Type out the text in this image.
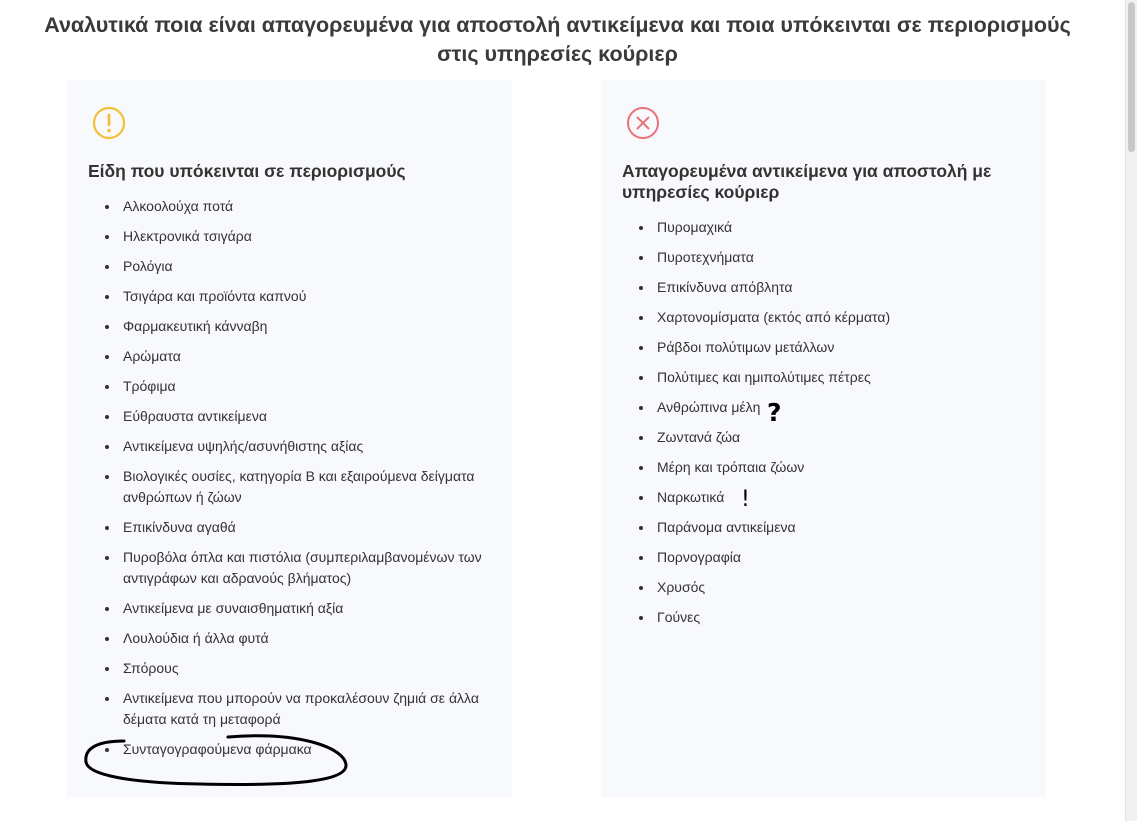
Αναλυτικά ποια είναι απαγορευμένα για αποστολή αντικείμενα και ποια υπόκεινται σε περιορισμούς στις υπηρεσίες κούριερ
Είδη που υπόκεινται σε περιορισμούς
Αλκοολούχα ποτά
Ηλεκτρονικά τσιγάρα
Ρολόγια
Τσιγάρα και προϊόντα καπνού
Φαρμακευτική κάνναβη
Αρώματα
Τρόφιμα
Εύθραυστα αντικείμενα
Αντικείμενα υψηλής/ασυνήθιστης αξίας
Βιολογικές ουσίες, κατηγορία Β και εξαιρούμενα δείγματα ανθρώπων ή ζώων
Επικίνδυνα αγαθά
Πυροβόλα όπλα και πιστόλια (συμπεριλαμβανομένων των αντιγράφων και αδρανούς βλήματος)
Αντικείμενα με συναισθηματική αξία
Λουλούδια ή άλλα φυτά
Σπόρους
Αντικείμενα που μπορούν να προκαλέσουν ζημιά σε άλλα δέματα κατά τη μεταφορά
Συνταγογραφούμενα φάρμακα
Απαγορευμένα αντικείμενα για αποστολή με υπηρεσίες κούριερ
Πυρομαχικά
Πυροτεχνήματα
Επικίνδυνα απόβλητα
Χαρτονομίσματα (εκτός από κέρματα)
Ράβδοι πολύτιμων μετάλλων
Πολύτιμες και ημιπολύτιμες πέτρες
Ανθρώπινα μέλη
Ζωντανά ζώα
Μέρη και τρόπαια ζώων
Ναρκωτικά
Παράνομα αντικείμενα
Πορνογραφία
Χρυσός
Γούνες
?
!
